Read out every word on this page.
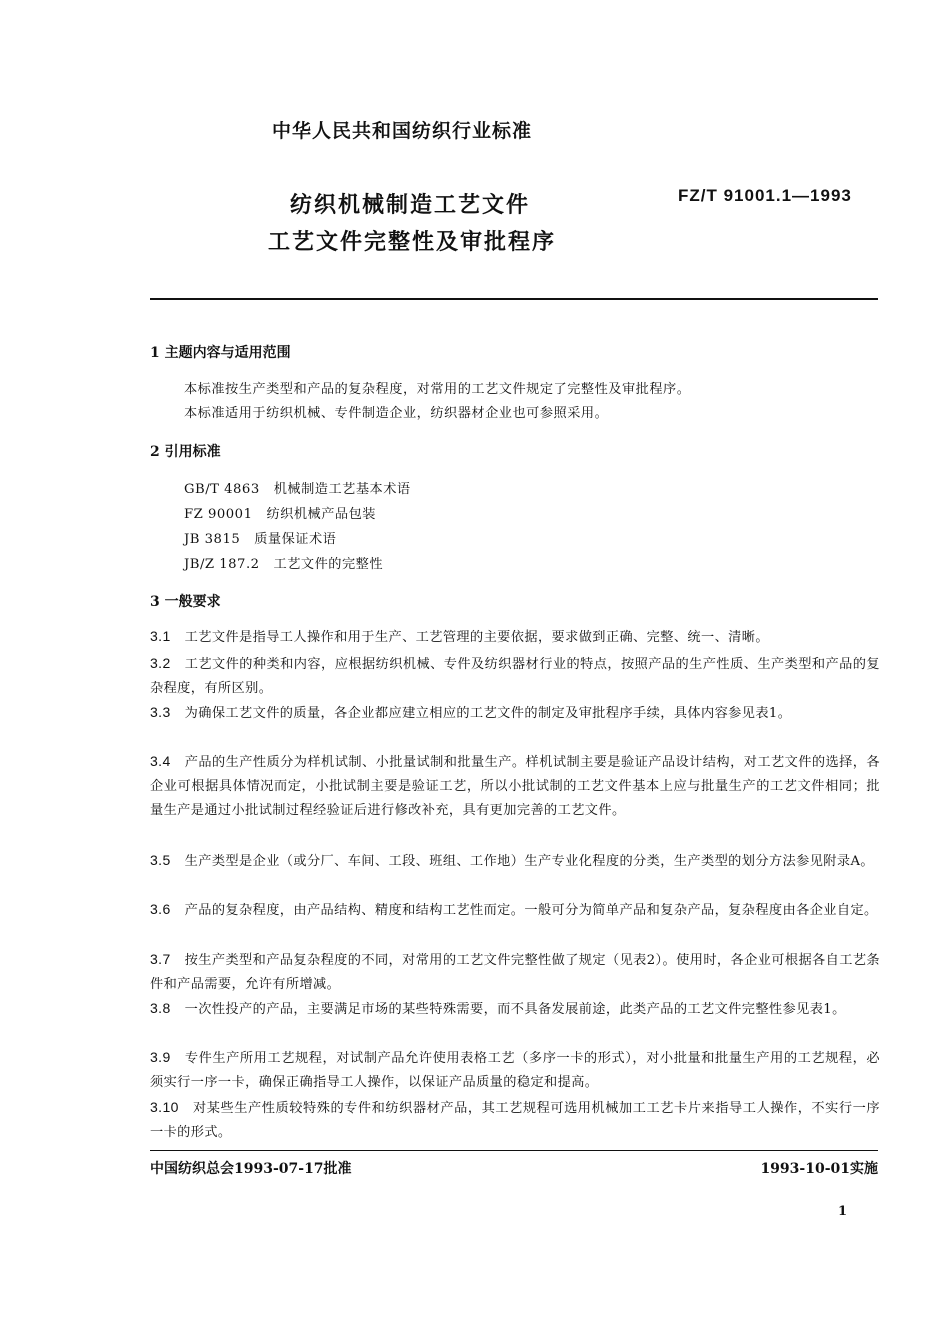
中华人民共和国纺织行业标准
纺织机械制造工艺文件
工艺文件完整性及审批程序
FZ/T 91001.1—1993
1 主题内容与适用范围
本标准按生产类型和产品的复杂程度，对常用的工艺文件规定了完整性及审批程序。
本标准适用于纺织机械、专件制造企业，纺织器材企业也可参照采用。
2 引用标准
GB/T 4863 机械制造工艺基本术语
FZ 90001 纺织机械产品包装
JB 3815 质量保证术语
JB/Z 187.2 工艺文件的完整性
3 一般要求
3.1 工艺文件是指导工人操作和用于生产、工艺管理的主要依据，要求做到正确、完整、统一、清晰。
3.2 工艺文件的种类和内容，应根据纺织机械、专件及纺织器材行业的特点，按照产品的生产性质、生产类型和产品的复杂程度，有所区别。
3.3 为确保工艺文件的质量，各企业都应建立相应的工艺文件的制定及审批程序手续，具体内容参见表1。
3.4 产品的生产性质分为样机试制、小批量试制和批量生产。样机试制主要是验证产品设计结构，对工艺文件的选择，各企业可根据具体情况而定，小批试制主要是验证工艺，所以小批试制的工艺文件基本上应与批量生产的工艺文件相同；批量生产是通过小批试制过程经验证后进行修改补充，具有更加完善的工艺文件。
3.5 生产类型是企业（或分厂、车间、工段、班组、工作地）生产专业化程度的分类，生产类型的划分方法参见附录A。
3.6 产品的复杂程度，由产品结构、精度和结构工艺性而定。一般可分为简单产品和复杂产品，复杂程度由各企业自定。
3.7 按生产类型和产品复杂程度的不同，对常用的工艺文件完整性做了规定（见表2）。使用时，各企业可根据各自工艺条件和产品需要，允许有所增减。
3.8 一次性投产的产品，主要满足市场的某些特殊需要，而不具备发展前途，此类产品的工艺文件完整性参见表1。
3.9 专件生产所用工艺规程，对试制产品允许使用表格工艺（多序一卡的形式），对小批量和批量生产用的工艺规程，必须实行一序一卡，确保正确指导工人操作，以保证产品质量的稳定和提高。
3.10 对某些生产性质较特殊的专件和纺织器材产品，其工艺规程可选用机械加工工艺卡片来指导工人操作，不实行一序一卡的形式。
中国纺织总会1993-07-17批准	1993-10-01实施
1
